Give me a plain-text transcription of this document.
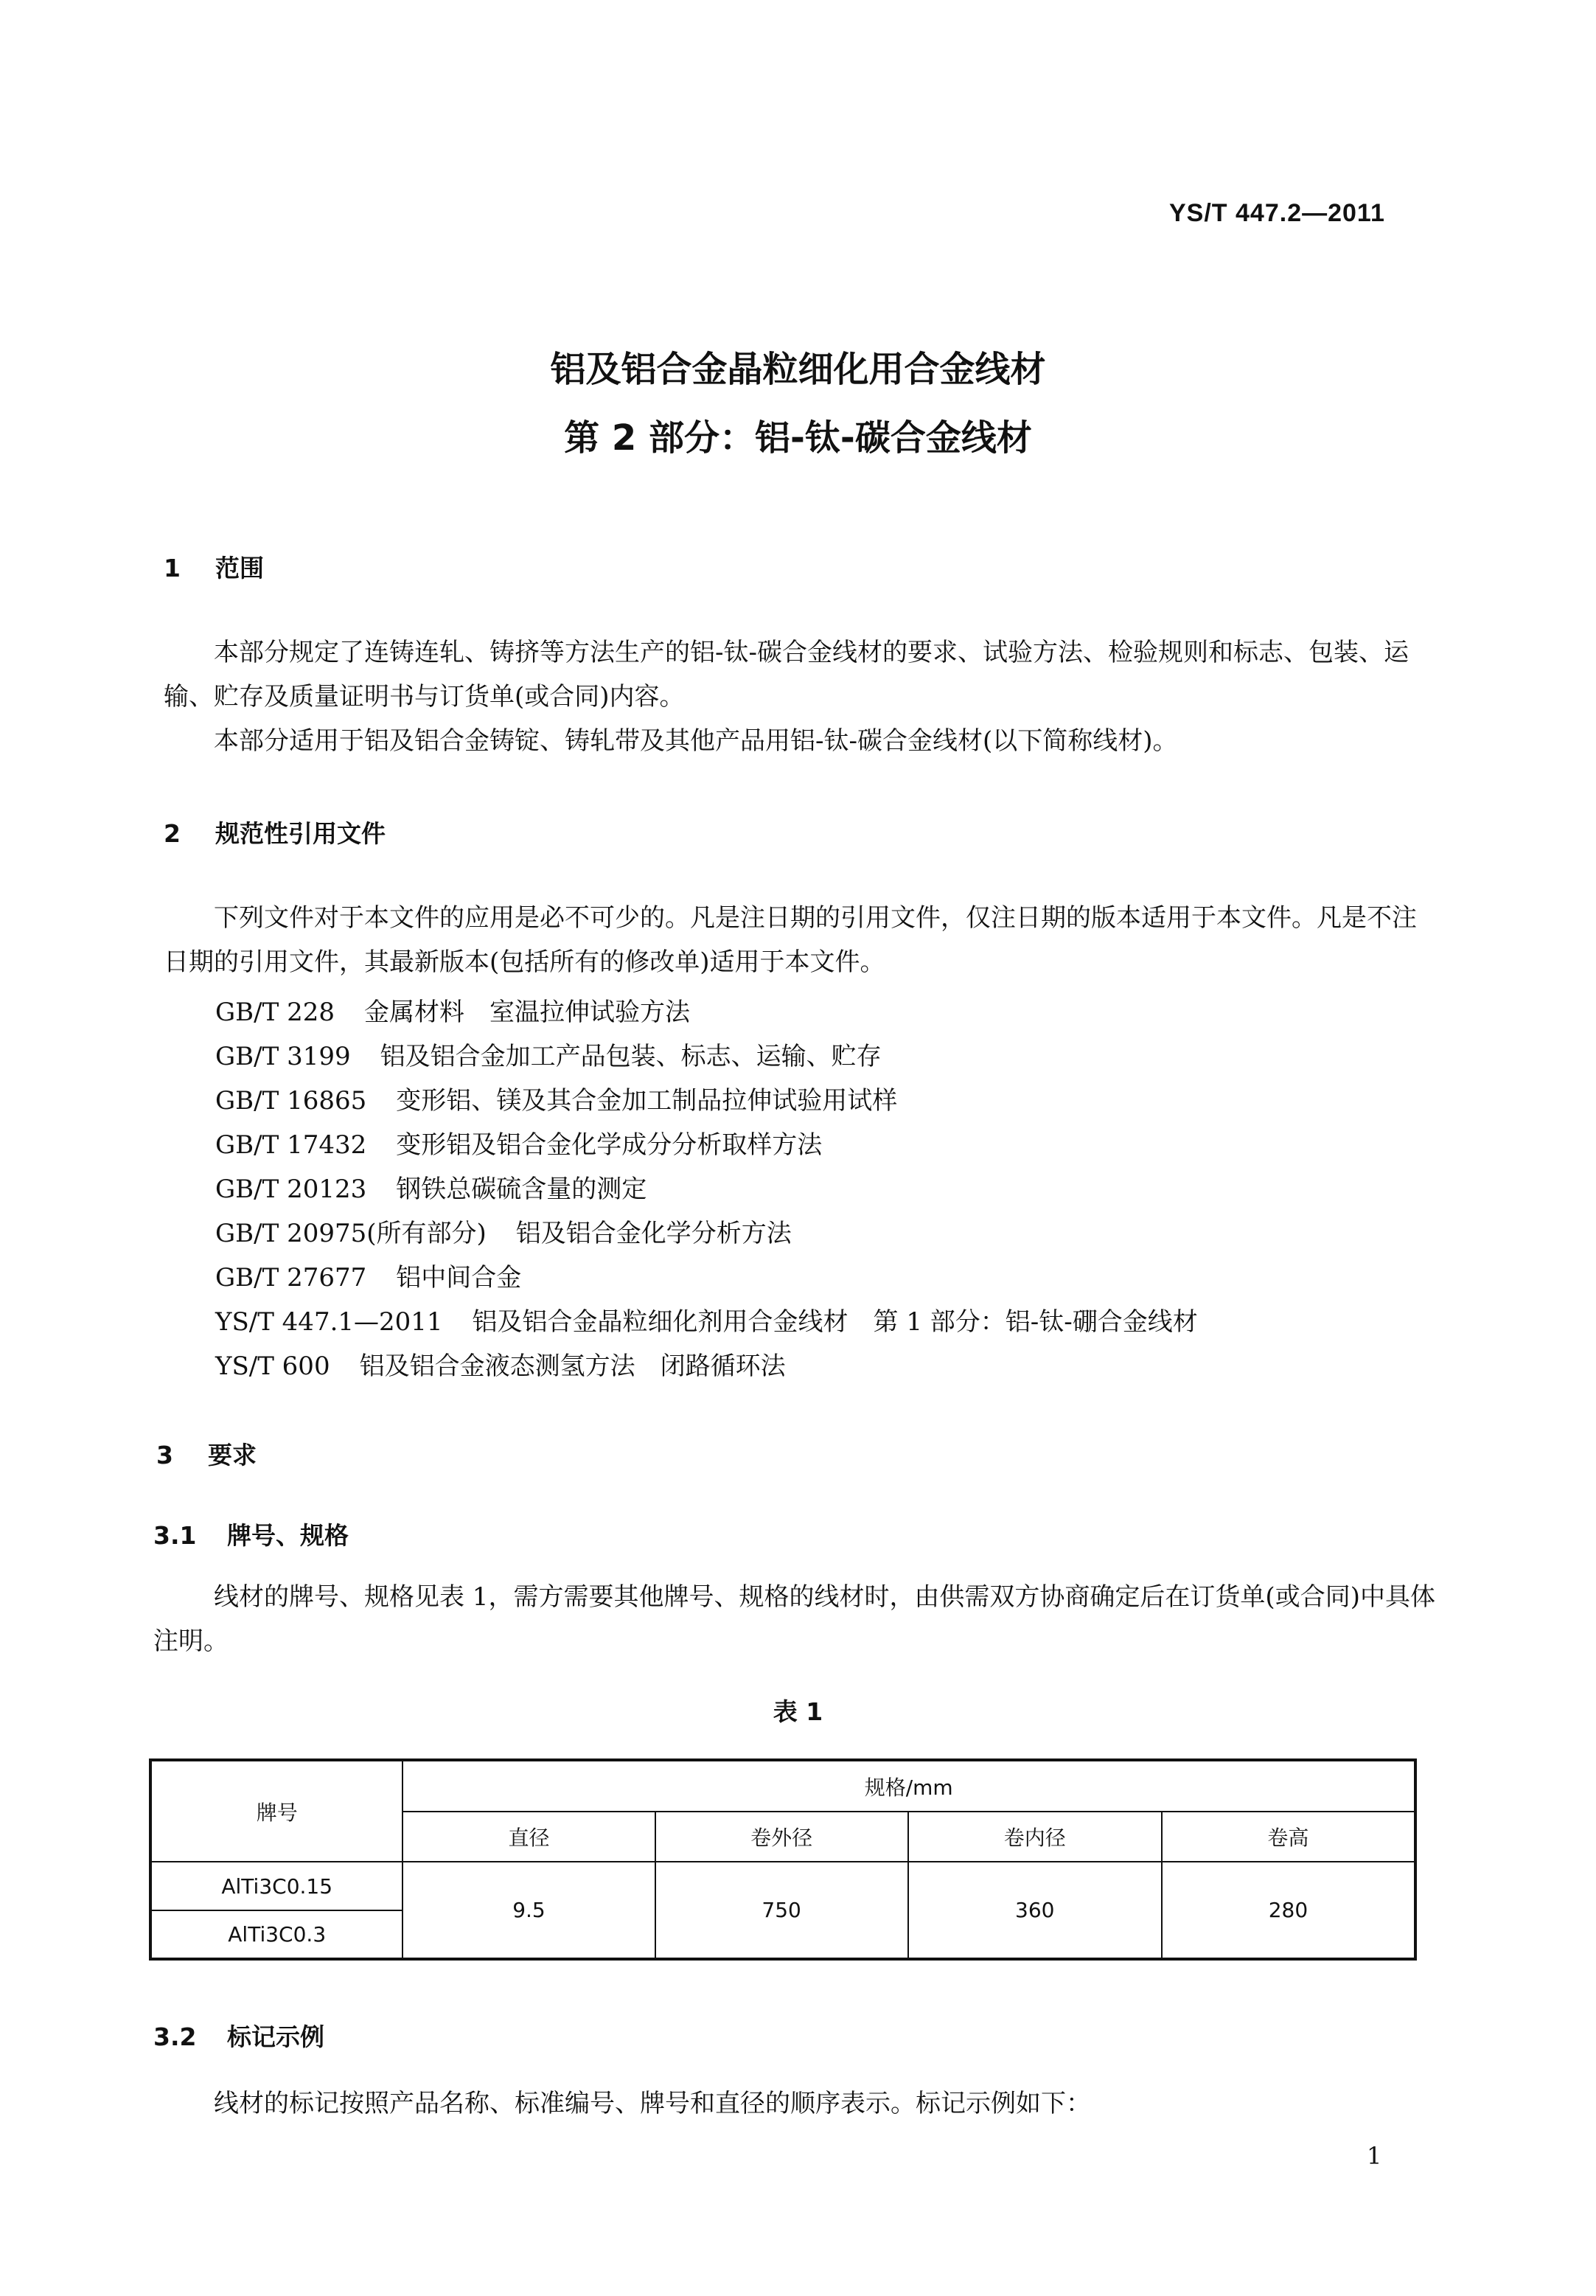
YS/T 447.2—2011
铝及铝合金晶粒细化用合金线材
第 2 部分：铝-钛-碳合金线材
1 范围
本部分规定了连铸连轧、铸挤等方法生产的铝-钛-碳合金线材的要求、试验方法、检验规则和标志、包装、运输、贮存及质量证明书与订货单(或合同)内容。
本部分适用于铝及铝合金铸锭、铸轧带及其他产品用铝-钛-碳合金线材(以下简称线材)。
2 规范性引用文件
下列文件对于本文件的应用是必不可少的。凡是注日期的引用文件，仅注日期的版本适用于本文件。凡是不注日期的引用文件，其最新版本(包括所有的修改单)适用于本文件。
GB/T 228 金属材料　室温拉伸试验方法
GB/T 3199 铝及铝合金加工产品包装、标志、运输、贮存
GB/T 16865 变形铝、镁及其合金加工制品拉伸试验用试样
GB/T 17432 变形铝及铝合金化学成分分析取样方法
GB/T 20123 钢铁总碳硫含量的测定
GB/T 20975(所有部分) 铝及铝合金化学分析方法
GB/T 27677 铝中间合金
YS/T 447.1—2011 铝及铝合金晶粒细化剂用合金线材　第 1 部分：铝-钛-硼合金线材
YS/T 600 铝及铝合金液态测氢方法　闭路循环法
3 要求
3.1 牌号、规格
线材的牌号、规格见表 1，需方需要其他牌号、规格的线材时，由供需双方协商确定后在订货单(或合同)中具体注明。
表 1
牌号	规格/mm			
	直径	卷外径	卷内径	卷高
AlTi3C0.15	9.5	750	360	280
AlTi3C0.3				
3.2 标记示例
线材的标记按照产品名称、标准编号、牌号和直径的顺序表示。标记示例如下：
1
